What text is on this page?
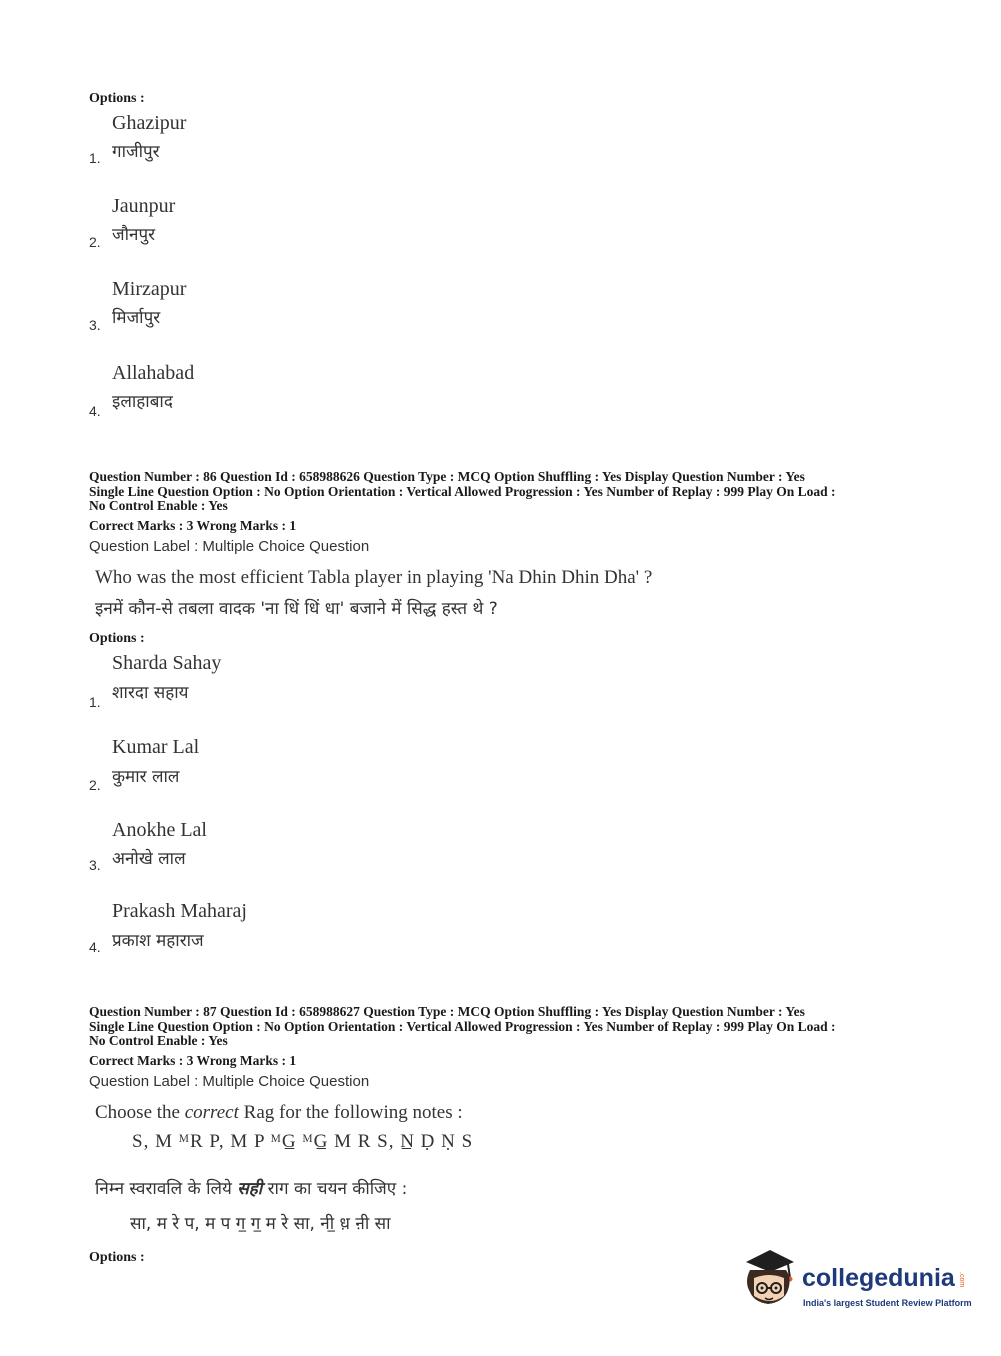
Options :
Ghazipur
गाजीपुर
1.
Jaunpur
जौनपुर
2.
Mirzapur
मिर्जापुर
3.
Allahabad
इलाहाबाद
4.
Question Number : 86 Question Id : 658988626 Question Type : MCQ Option Shuffling : Yes Display Question Number : Yes
Single Line Question Option : No Option Orientation : Vertical Allowed Progression : Yes Number of Replay : 999 Play On Load :
No Control Enable : Yes
Correct Marks : 3 Wrong Marks : 1
Question Label : Multiple Choice Question
Who was the most efficient Tabla player in playing 'Na Dhin Dhin Dha' ?
इनमें कौन-से तबला वादक 'ना धिं धिं धा' बजाने में सिद्ध हस्त थे ?
Options :
Sharda Sahay
शारदा सहाय
1.
Kumar Lal
कुमार लाल
2.
Anokhe Lal
अनोखे लाल
3.
Prakash Maharaj
प्रकाश महाराज
4.
Question Number : 87 Question Id : 658988627 Question Type : MCQ Option Shuffling : Yes Display Question Number : Yes
Single Line Question Option : No Option Orientation : Vertical Allowed Progression : Yes Number of Replay : 999 Play On Load :
No Control Enable : Yes
Correct Marks : 3 Wrong Marks : 1
Question Label : Multiple Choice Question
Choose the correct Rag for the following notes :
S, M ᴹR P, M P ᴹG̲ ᴹG̲ M R S, N̲ Ḍ Ṇ S
निम्न स्वरावलि के लिये सही राग का चयन कीजिए :
सा, म रे प, म प ग̲ ग̲ म रे सा, नी̲ ध़ ऩी सा
Options :
collegedunia .com
India's largest Student Review Platform
